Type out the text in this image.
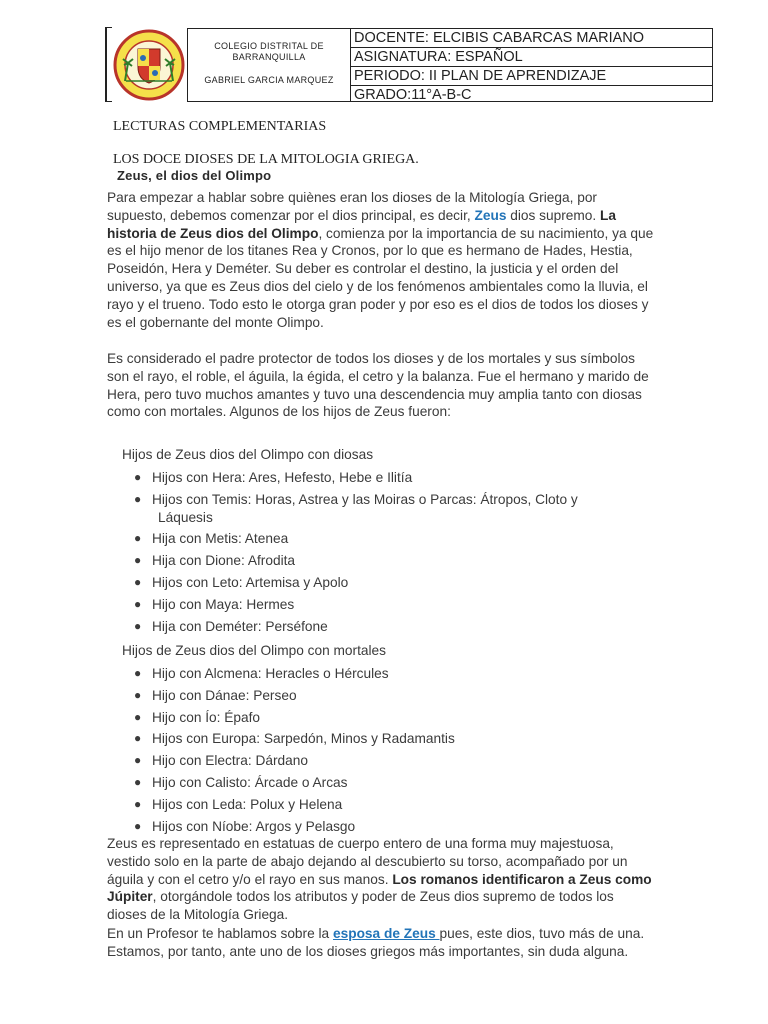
COLEGIO DISTRITAL DE
BARRANQUILLA
GABRIEL GARCIA MARQUEZ
DOCENTE: ELCIBIS CABARCAS MARIANO
ASIGNATURA: ESPAÑOL
PERIODO: II PLAN DE APRENDIZAJE
GRADO:11°A-B-C
LECTURAS COMPLEMENTARIAS
LOS DOCE DIOSES DE LA MITOLOGIA GRIEGA.
Zeus, el dios del Olimpo
Para empezar a hablar sobre quiènes eran los dioses de la Mitología Griega, por supuesto, debemos comenzar por el dios principal, es decir, Zeus dios supremo. La historia de Zeus dios del Olimpo, comienza por la importancia de su nacimiento, ya que es el hijo menor de los titanes Rea y Cronos, por lo que es hermano de Hades, Hestia, Poseidón, Hera y Deméter. Su deber es controlar el destino, la justicia y el orden del universo, ya que es Zeus dios del cielo y de los fenómenos ambientales como la lluvia, el rayo y el trueno. Todo esto le otorga gran poder y por eso es el dios de todos los dioses y es el gobernante del monte Olimpo.
Es considerado el padre protector de todos los dioses y de los mortales y sus símbolos son el rayo, el roble, el águila, la égida, el cetro y la balanza. Fue el hermano y marido de Hera, pero tuvo muchos amantes y tuvo una descendencia muy amplia tanto con diosas como con mortales. Algunos de los hijos de Zeus fueron:
Hijos de Zeus dios del Olimpo con diosas
● Hijos con Hera: Ares, Hefesto, Hebe e Ilitía
● Hijos con Temis: Horas, Astrea y las Moiras o Parcas: Átropos, Cloto y
Láquesis
● Hija con Metis: Atenea
● Hija con Dione: Afrodita
● Hijos con Leto: Artemisa y Apolo
● Hijo con Maya: Hermes
● Hija con Deméter: Perséfone
Hijos de Zeus dios del Olimpo con mortales
● Hijo con Alcmena: Heracles o Hércules
● Hijo con Dánae: Perseo
● Hijo con Ío: Épafo
● Hijos con Europa: Sarpedón, Minos y Radamantis
● Hijo con Electra: Dárdano
● Hijo con Calisto: Árcade o Arcas
● Hijos con Leda: Polux y Helena
● Hijos con Níobe: Argos y Pelasgo
Zeus es representado en estatuas de cuerpo entero de una forma muy majestuosa, vestido solo en la parte de abajo dejando al descubierto su torso, acompañado por un águila y con el cetro y/o el rayo en sus manos. Los romanos identificaron a Zeus como Júpiter, otorgándole todos los atributos y poder de Zeus dios supremo de todos los dioses de la Mitología Griega.
En un Profesor te hablamos sobre la esposa de Zeus pues, este dios, tuvo más de una. Estamos, por tanto, ante uno de los dioses griegos más importantes, sin duda alguna.
